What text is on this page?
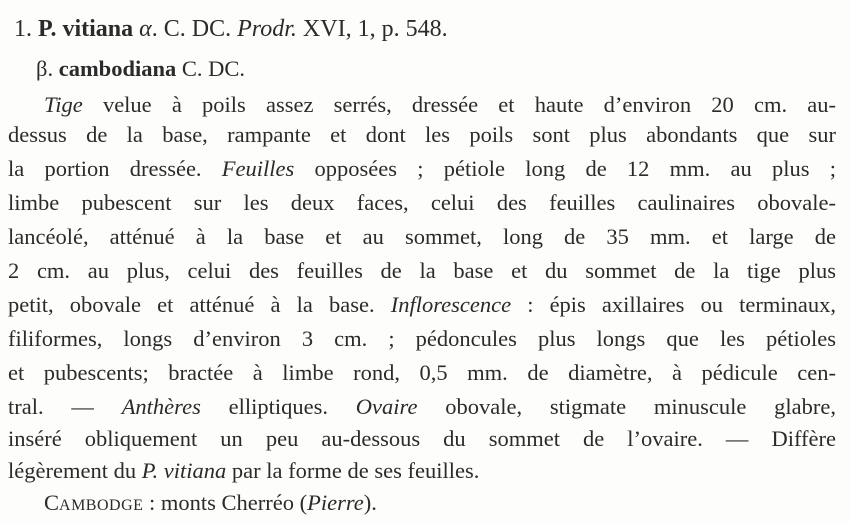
1. P. vitiana α. C. DC. Prodr. XVI, 1, p. 548.
β. cambodiana C. DC.
Tige velue à poils assez serrés, dressée et haute d’environ 20 cm. au-
dessus de la base, rampante et dont les poils sont plus abondants que sur
la portion dressée. Feuilles opposées ; pétiole long de 12 mm. au plus ;
limbe pubescent sur les deux faces, celui des feuilles caulinaires obovale-
lancéolé, atténué à la base et au sommet, long de 35 mm. et large de
2 cm. au plus, celui des feuilles de la base et du sommet de la tige plus
petit, obovale et atténué à la base. Inflorescence : épis axillaires ou terminaux,
filiformes, longs d’environ 3 cm. ; pédoncules plus longs que les pétioles
et pubescents; bractée à limbe rond, 0,5 mm. de diamètre, à pédicule cen-
tral. — Anthères elliptiques. Ovaire obovale, stigmate minuscule glabre,
inséré obliquement un peu au-dessous du sommet de l’ovaire. — Diffère
légèrement du P. vitiana par la forme de ses feuilles.
CAMBODGE : monts Cherréo (Pierre).
